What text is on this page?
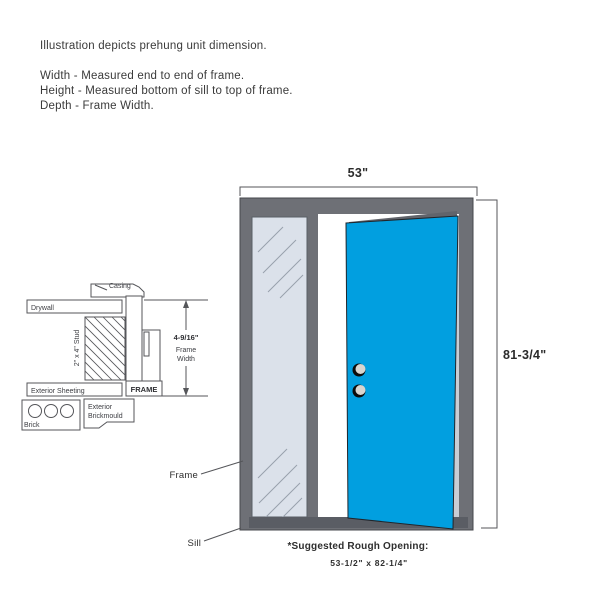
Illustration depicts prehung unit dimension.
Width - Measured end to end of frame.
Height - Measured bottom of sill to top of frame.
Depth - Frame Width.
53"
81-3/4"
Frame
Sill
Casing
Drywall
2" x 4" Stud
Exterior Sheeting	FRAME
4-9/16"
Frame
Width
Brick
Exterior
Brickmould
*Suggested Rough Opening:
53-1/2" x 82-1/4"
